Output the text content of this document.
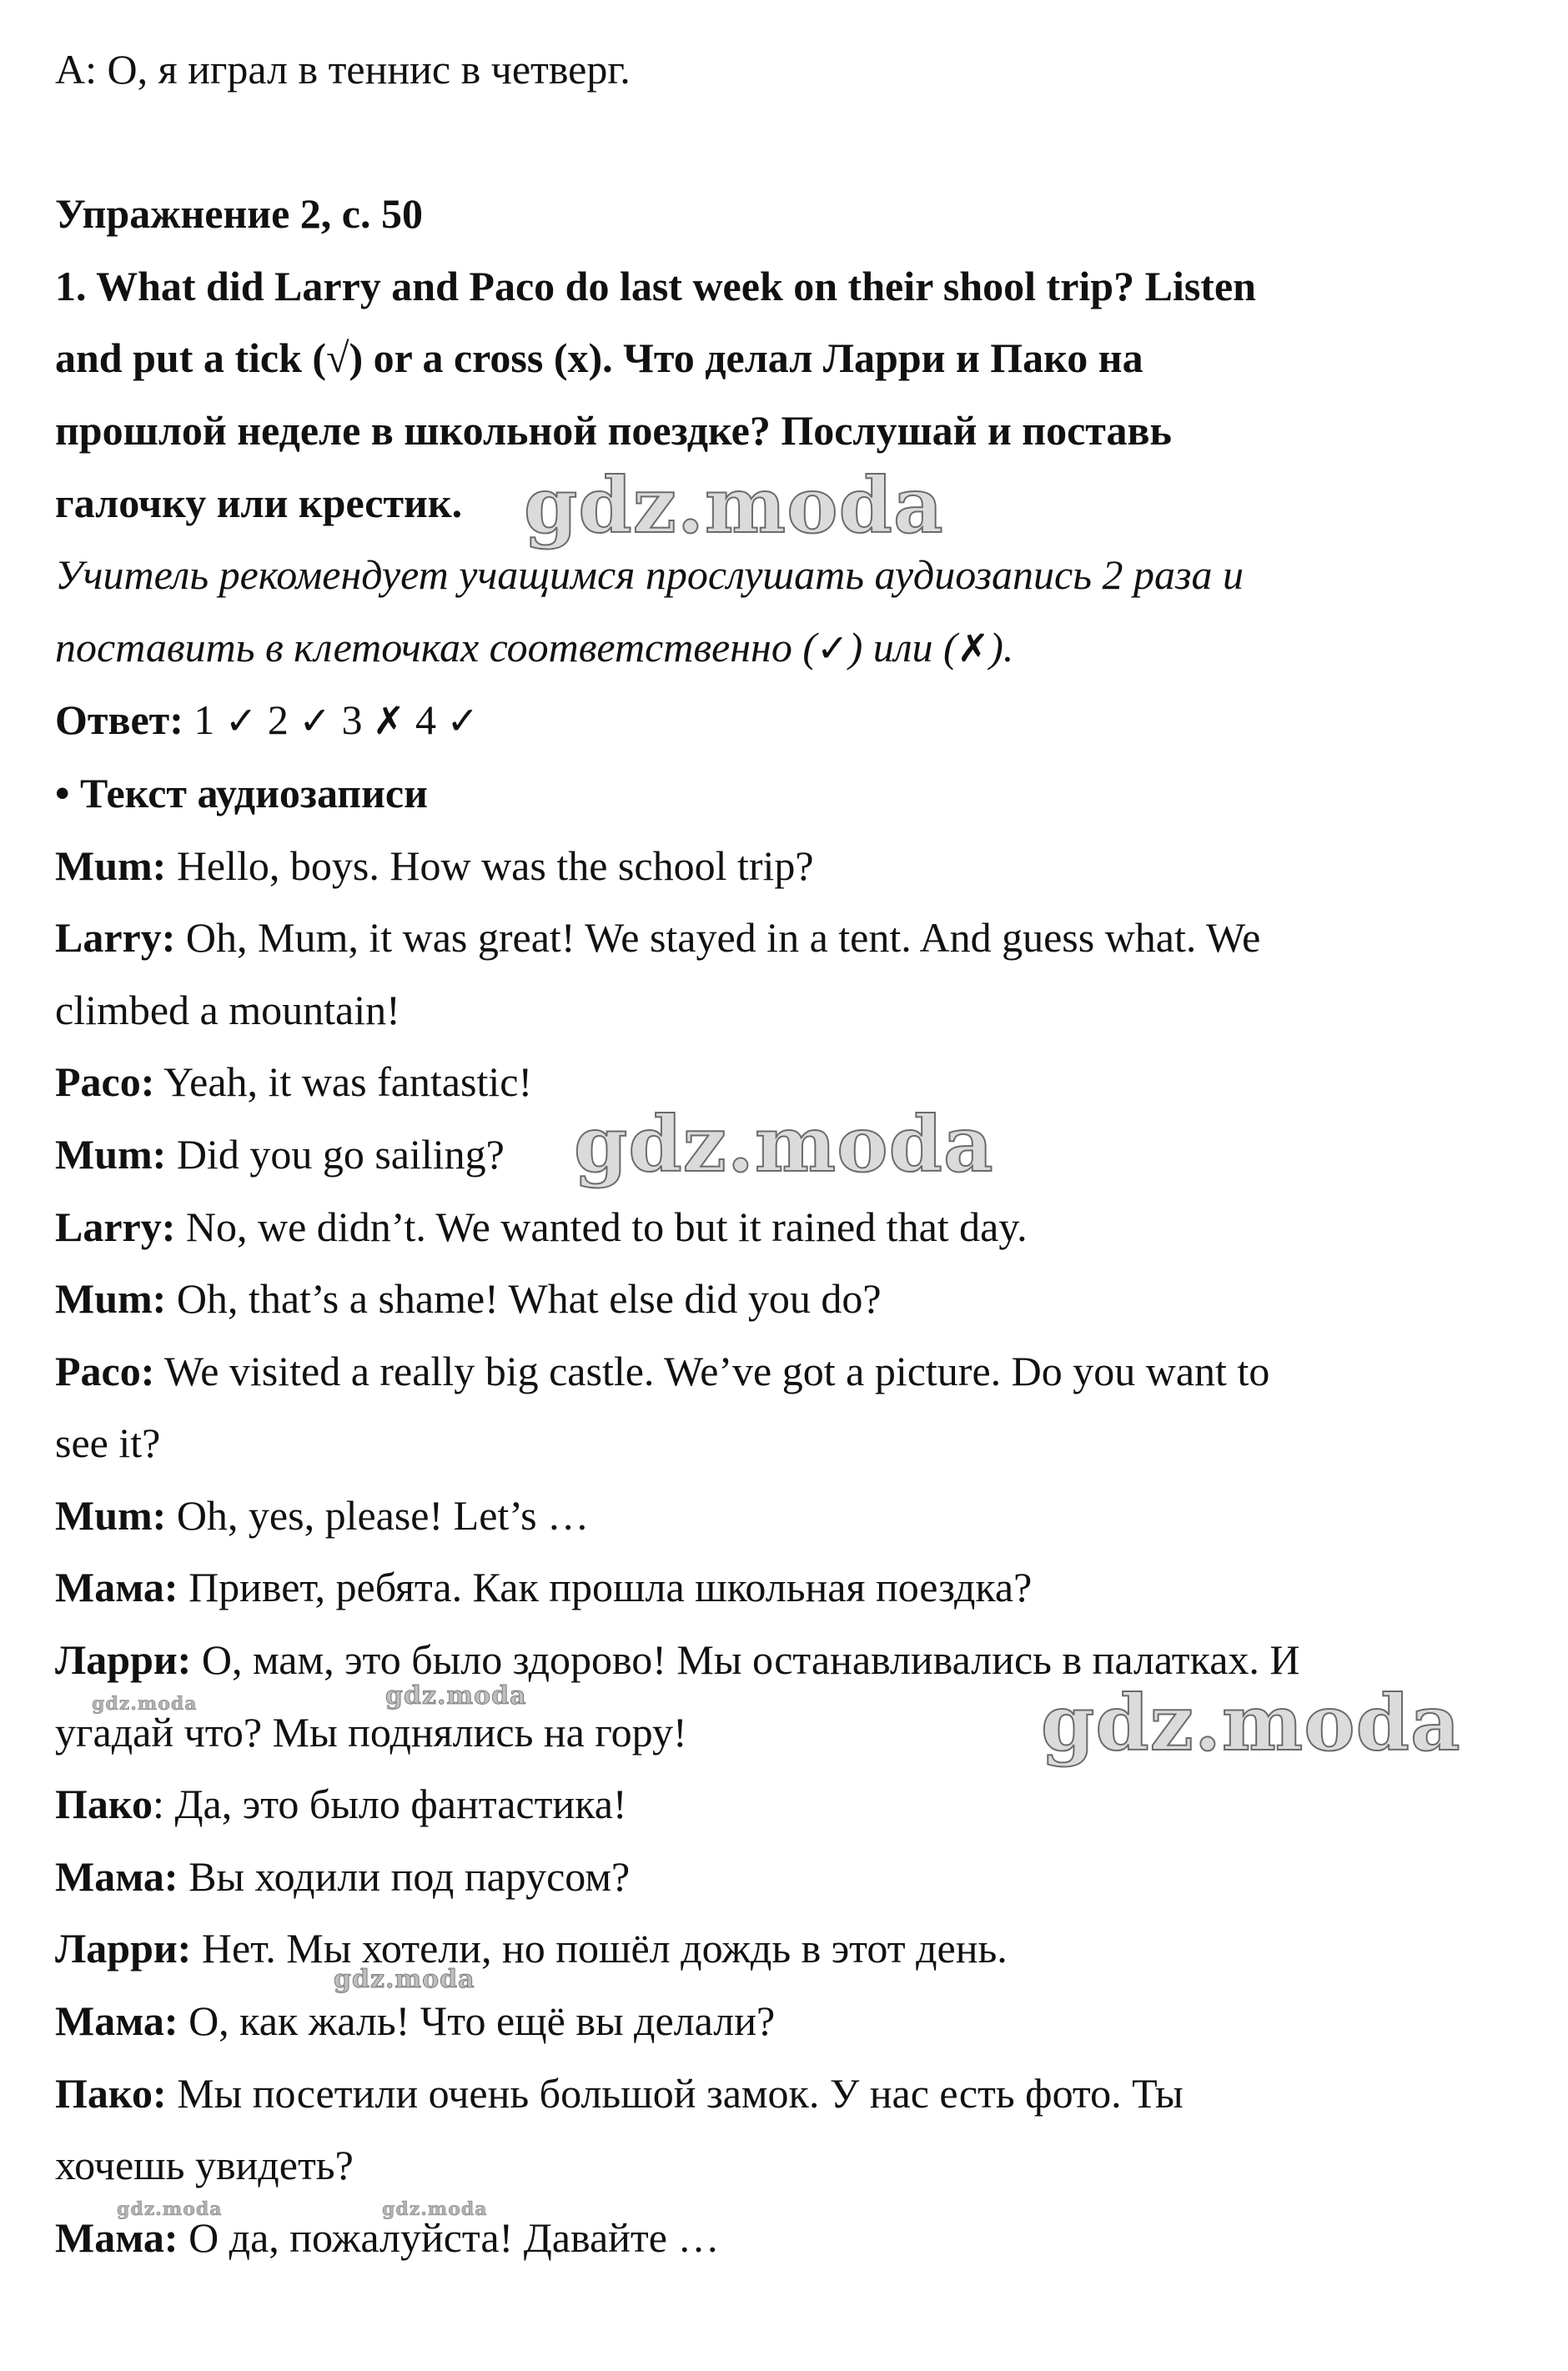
А: О, я играл в теннис в четверг.
Упражнение 2, с. 50
1. What did Larry and Paco do last week on their shool trip? Listen
and put a tick (√) or a cross (x). Что делал Ларри и Пако на
прошлой неделе в школьной поездке? Послушай и поставь
галочку или крестик.
Учитель рекомендует учащимся прослушать аудиозапись 2 раза и
поставить в клеточках соответственно (✓) или (✗).
Ответ: 1 ✓ 2 ✓ 3 ✗ 4 ✓
• Текст аудиозаписи
Mum: Hello, boys. How was the school trip?
Larry: Oh, Mum, it was great! We stayed in a tent. And guess what. We
climbed a mountain!
Paco: Yeah, it was fantastic!
Mum: Did you go sailing?
Larry: No, we didn’t. We wanted to but it rained that day.
Mum: Oh, that’s a shame! What else did you do?
Paco: We visited a really big castle. We’ve got a picture. Do you want to
see it?
Mum: Oh, yes, please! Let’s …
Мама: Привет, ребята. Как прошла школьная поездка?
Ларри: О, мам, это было здорово! Мы останавливались в палатках. И
угадай что? Мы поднялись на гору!
Пако: Да, это было фантастика!
Мама: Вы ходили под парусом?
Ларри: Нет. Мы хотели, но пошёл дождь в этот день.
Мама: О, как жаль! Что ещё вы делали?
Пако: Мы посетили очень большой замок. У нас есть фото. Ты
хочешь увидеть?
Мама: О да, пожалуйста! Давайте …
gdz.moda
gdz.moda
gdz.moda
gdz.moda
gdz.moda
gdz.moda
gdz.moda	gdz.moda
